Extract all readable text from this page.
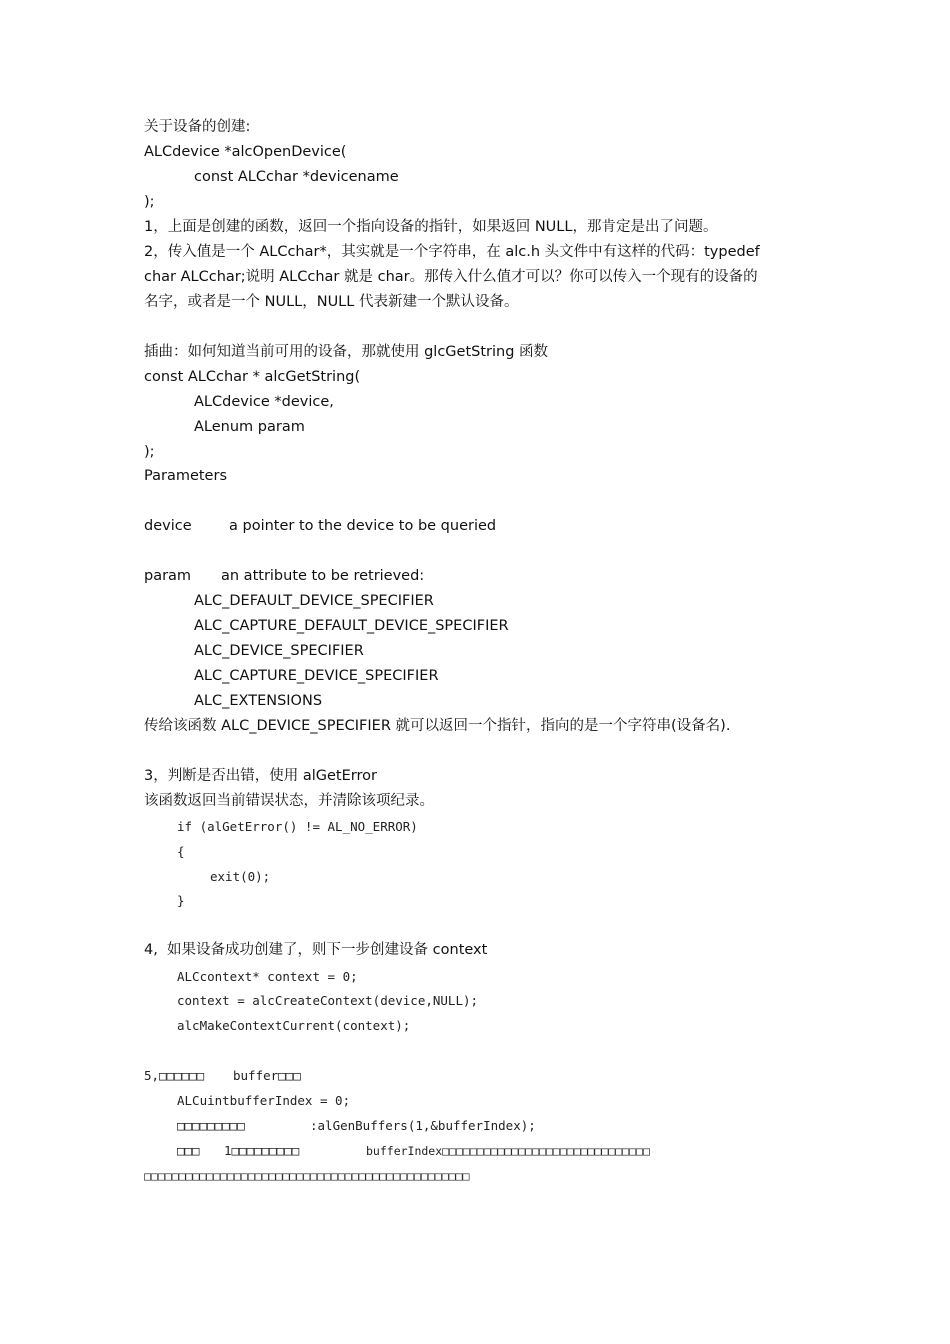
关于设备的创建:
ALCdevice *alcOpenDevice(
const ALCchar *devicename
);
1，上面是创建的函数，返回一个指向设备的指针，如果返回 NULL，那肯定是出了问题。
2，传入值是一个 ALCchar*，其实就是一个字符串，在 alc.h 头文件中有这样的代码：typedef
char ALCchar;说明 ALCchar 就是 char。那传入什么值才可以？你可以传入一个现有的设备的
名字，或者是一个 NULL，NULL 代表新建一个默认设备。
插曲：如何知道当前可用的设备，那就使用 glcGetString 函数
const ALCchar * alcGetString(
ALCdevice *device,
ALenum param
);
Parameters
device	a pointer to the device to be queried
param an attribute to be retrieved:
ALC_DEFAULT_DEVICE_SPECIFIER
ALC_CAPTURE_DEFAULT_DEVICE_SPECIFIER
ALC_DEVICE_SPECIFIER
ALC_CAPTURE_DEVICE_SPECIFIER
ALC_EXTENSIONS
传给该函数 ALC_DEVICE_SPECIFIER 就可以返回一个指针，指向的是一个字符串(设备名).
3，判断是否出错，使用 alGetError
该函数返回当前错误状态，并清除该项纪录。
if (alGetError() != AL_NO_ERROR)
{
exit(0);
}
4,  如果设备成功创建了，则下一步创建设备 context
ALCcontext* context = 0;
context = alcCreateContext(device,NULL);
alcMakeContextCurrent(context);
5,□□□□□□ buffer□□□
ALCuintbufferIndex = 0;
□□□□□□□□□	:alGenBuffers(1,&bufferIndex);
□□□ 1□□□□□□□□□	bufferIndex□□□□□□□□□□□□□□□□□□□□□□□□□□□□□□
□□□□□□□□□□□□□□□□□□□□□□□□□□□□□□□□□□□□□□□□□□□□□□□
